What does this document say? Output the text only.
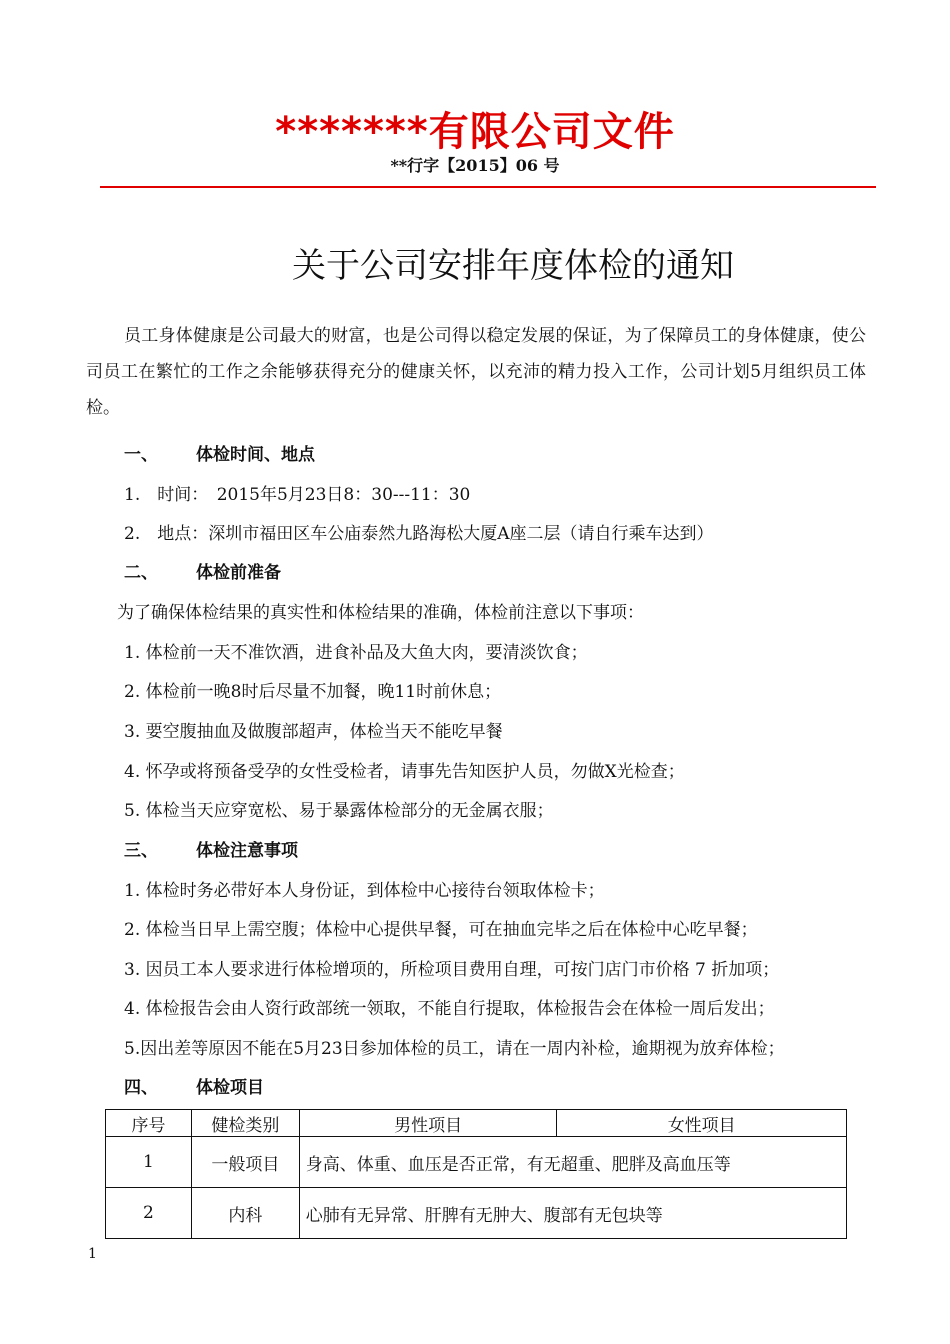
*******有限公司文件
**行字【2015】06 号
关于公司安排年度体检的通知
员工身体健康是公司最大的财富，也是公司得以稳定发展的保证，为了保障员工的身体健康，使公司员工在繁忙的工作之余能够获得充分的健康关怀，以充沛的精力投入工作，公司计划5月组织员工体检。
一、 体检时间、地点
1.　时间：　2015年5月23日8：30---11：30
2.　地点：深圳市福田区车公庙泰然九路海松大厦A座二层（请自行乘车达到）
二、 体检前准备
为了确保体检结果的真实性和体检结果的准确，体检前注意以下事项：
1. 体检前一天不准饮酒，进食补品及大鱼大肉，要清淡饮食；
2. 体检前一晚8时后尽量不加餐，晚11时前休息；
3. 要空腹抽血及做腹部超声，体检当天不能吃早餐
4. 怀孕或将预备受孕的女性受检者，请事先告知医护人员，勿做X光检查；
5. 体检当天应穿宽松、易于暴露体检部分的无金属衣服；
三、 体检注意事项
1. 体检时务必带好本人身份证，到体检中心接待台领取体检卡；
2. 体检当日早上需空腹；体检中心提供早餐，可在抽血完毕之后在体检中心吃早餐；
3. 因员工本人要求进行体检增项的，所检项目费用自理，可按门店门市价格 7 折加项；
4. 体检报告会由人资行政部统一领取，不能自行提取，体检报告会在体检一周后发出；
5.因出差等原因不能在5月23日参加体检的员工，请在一周内补检，逾期视为放弃体检；
四、 体检项目
序号	健检类别	男性项目	女性项目
1	一般项目	身高、体重、血压是否正常，有无超重、肥胖及高血压等	
2	内科	心肺有无异常、肝脾有无肿大、腹部有无包块等	
1
